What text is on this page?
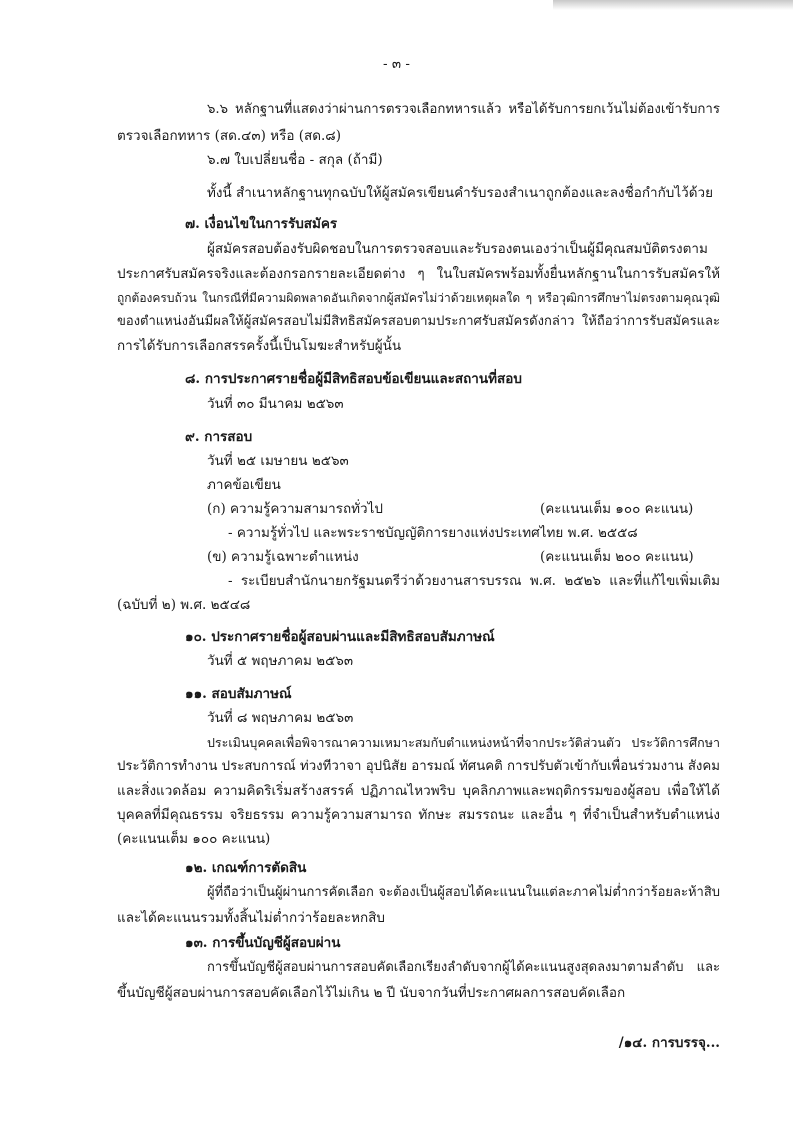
- ๓ -
๖.๖ หลักฐานที่แสดงว่าผ่านการตรวจเลือกทหารแล้ว หรือได้รับการยกเว้นไม่ต้องเข้ารับการ
ตรวจเลือกทหาร (สด.๔๓) หรือ (สด.๘)
๖.๗ ใบเปลี่ยนชื่อ - สกุล (ถ้ามี)
ทั้งนี้ สำเนาหลักฐานทุกฉบับให้ผู้สมัครเขียนคำรับรองสำเนาถูกต้องและลงชื่อกำกับไว้ด้วย
๗. เงื่อนไขในการรับสมัคร
ผู้สมัครสอบต้องรับผิดชอบในการตรวจสอบและรับรองตนเองว่าเป็นผู้มีคุณสมบัติตรงตาม
ประกาศรับสมัครจริงและต้องกรอกรายละเอียดต่าง ๆ ในใบสมัครพร้อมทั้งยื่นหลักฐานในการรับสมัครให้
ถูกต้องครบถ้วน ในกรณีที่มีความผิดพลาดอันเกิดจากผู้สมัครไม่ว่าด้วยเหตุผลใด ๆ หรือวุฒิการศึกษาไม่ตรงตามคุณวุฒิ
ของตำแหน่งอันมีผลให้ผู้สมัครสอบไม่มีสิทธิสมัครสอบตามประกาศรับสมัครดังกล่าว ให้ถือว่าการรับสมัครและ
การได้รับการเลือกสรรครั้งนี้เป็นโมฆะสำหรับผู้นั้น
๘. การประกาศรายชื่อผู้มีสิทธิสอบข้อเขียนและสถานที่สอบ
วันที่ ๓๐ มีนาคม ๒๕๖๓
๙. การสอบ
วันที่ ๒๕ เมษายน ๒๕๖๓
ภาคข้อเขียน
(ก) ความรู้ความสามารถทั่วไป	(คะแนนเต็ม ๑๐๐ คะแนน)
- ความรู้ทั่วไป และพระราชบัญญัติการยางแห่งประเทศไทย พ.ศ. ๒๕๕๘
(ข) ความรู้เฉพาะตำแหน่ง	(คะแนนเต็ม ๒๐๐ คะแนน)
- ระเบียบสำนักนายกรัฐมนตรีว่าด้วยงานสารบรรณ พ.ศ. ๒๕๒๖ และที่แก้ไขเพิ่มเติม
(ฉบับที่ ๒) พ.ศ. ๒๕๔๘
๑๐. ประกาศรายชื่อผู้สอบผ่านและมีสิทธิสอบสัมภาษณ์
วันที่ ๕ พฤษภาคม ๒๕๖๓
๑๑. สอบสัมภาษณ์
วันที่ ๘ พฤษภาคม ๒๕๖๓
ประเมินบุคคลเพื่อพิจารณาความเหมาะสมกับตำแหน่งหน้าที่จากประวัติส่วนตัว ประวัติการศึกษา
ประวัติการทำงาน ประสบการณ์ ท่วงทีวาจา อุปนิสัย อารมณ์ ทัศนคติ การปรับตัวเข้ากับเพื่อนร่วมงาน สังคม
และสิ่งแวดล้อม ความคิดริเริ่มสร้างสรรค์ ปฏิภาณไหวพริบ บุคลิกภาพและพฤติกรรมของผู้สอบ เพื่อให้ได้
บุคคลที่มีคุณธรรม จริยธรรม ความรู้ความสามารถ ทักษะ สมรรถนะ และอื่น ๆ ที่จำเป็นสำหรับตำแหน่ง
(คะแนนเต็ม ๑๐๐ คะแนน)
๑๒. เกณฑ์การตัดสิน
ผู้ที่ถือว่าเป็นผู้ผ่านการคัดเลือก จะต้องเป็นผู้สอบได้คะแนนในแต่ละภาคไม่ต่ำกว่าร้อยละห้าสิบ
และได้คะแนนรวมทั้งสิ้นไม่ต่ำกว่าร้อยละหกสิบ
๑๓. การขึ้นบัญชีผู้สอบผ่าน
การขึ้นบัญชีผู้สอบผ่านการสอบคัดเลือกเรียงลำดับจากผู้ได้คะแนนสูงสุดลงมาตามลำดับ และ
ขึ้นบัญชีผู้สอบผ่านการสอบคัดเลือกไว้ไม่เกิน ๒ ปี นับจากวันที่ประกาศผลการสอบคัดเลือก
/๑๔. การบรรจุ...
